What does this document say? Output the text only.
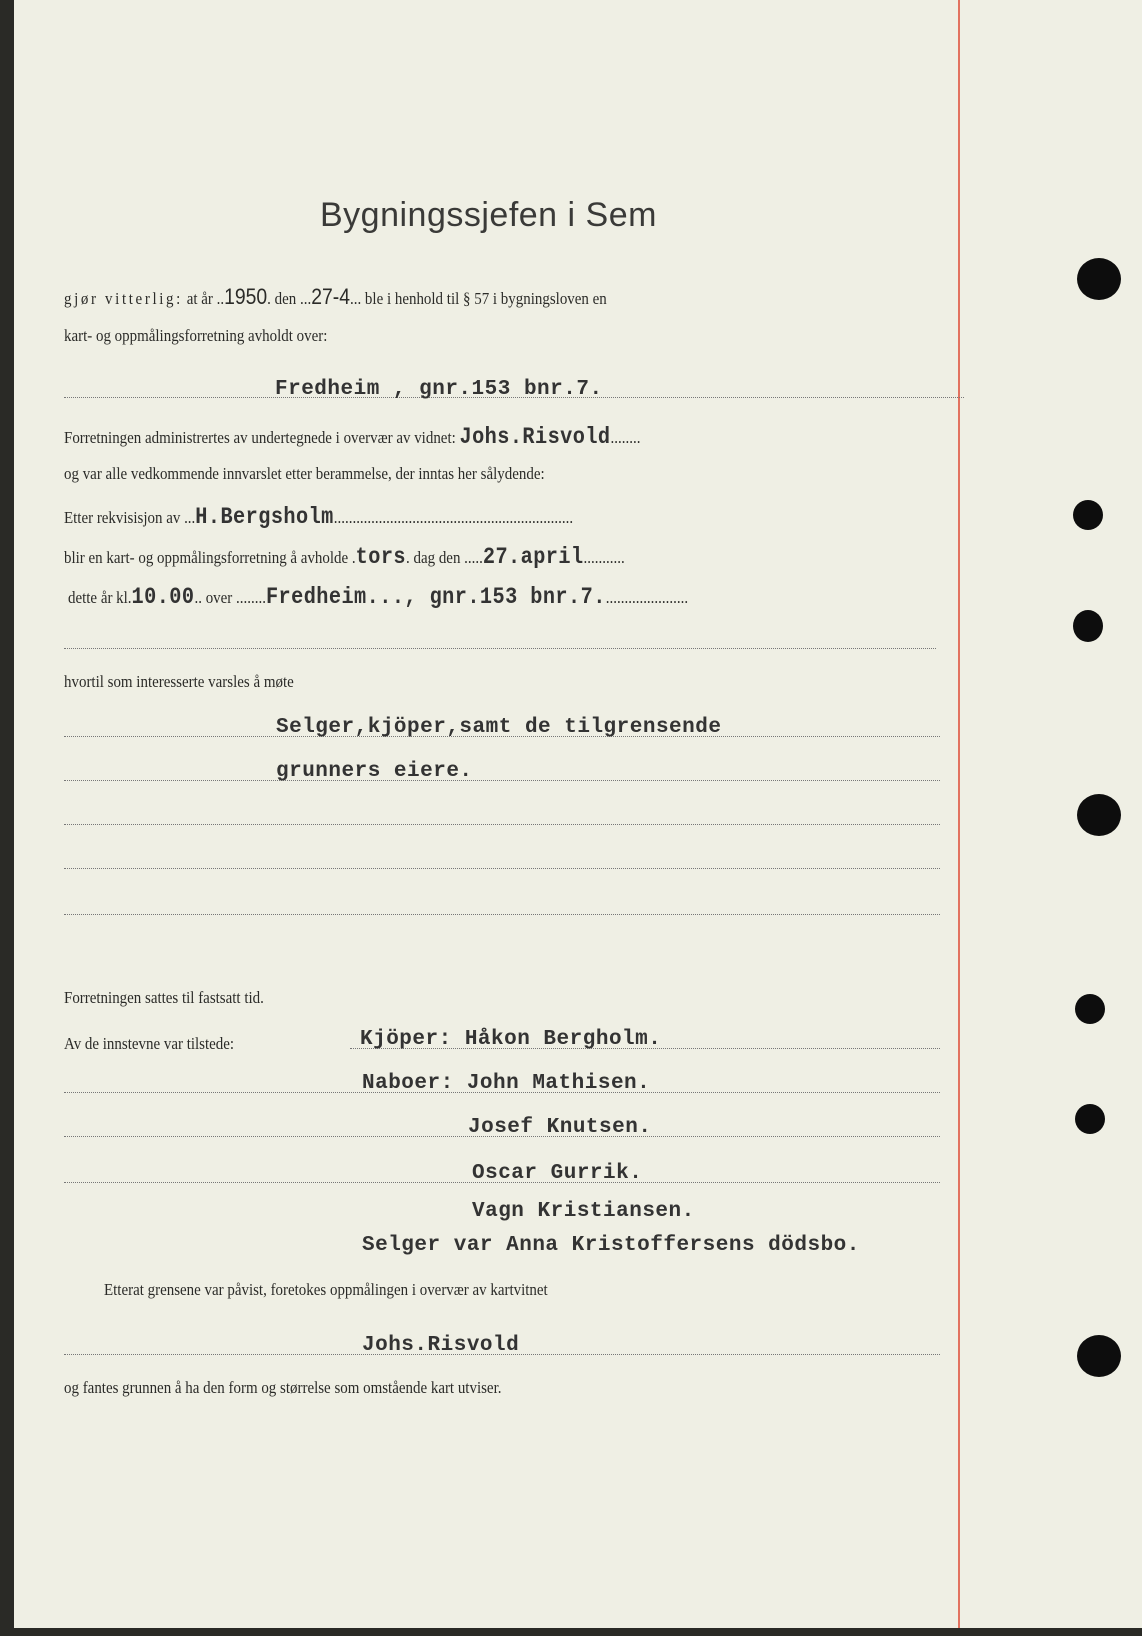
Bygningssjefen i Sem
gjør vitterlig: at år ..1950. den ...27-4... ble i henhold til § 57 i bygningsloven en
kart- og oppmålingsforretning avholdt over:
Fredheim , gnr.153 bnr.7.
Forretningen administrertes av undertegnede i overvær av vidnet: Johs.Risvold........
og var alle vedkommende innvarslet etter berammelse, der inntas her sålydende:
Etter rekvisisjon av ...H.Bergsholm................................................................
blir en kart- og oppmålingsforretning å avholde .tors. dag den .....27.april...........
dette år kl.10.00.. over ........Fredheim..., gnr.153 bnr.7.......................
hvortil som interesserte varsles å møte
Selger,kjöper,samt de tilgrensende
grunners eiere.
Forretningen sattes til fastsatt tid.
Av de innstevne var tilstede:	Kjöper: Håkon Bergholm.
Naboer: John Mathisen.
Josef Knutsen.
Oscar Gurrik.
Vagn Kristiansen.
Selger var Anna Kristoffersens dödsbo.
Etterat grensene var påvist, foretokes oppmålingen i overvær av kartvitnet
Johs.Risvold
og fantes grunnen å ha den form og størrelse som omstående kart utviser.
